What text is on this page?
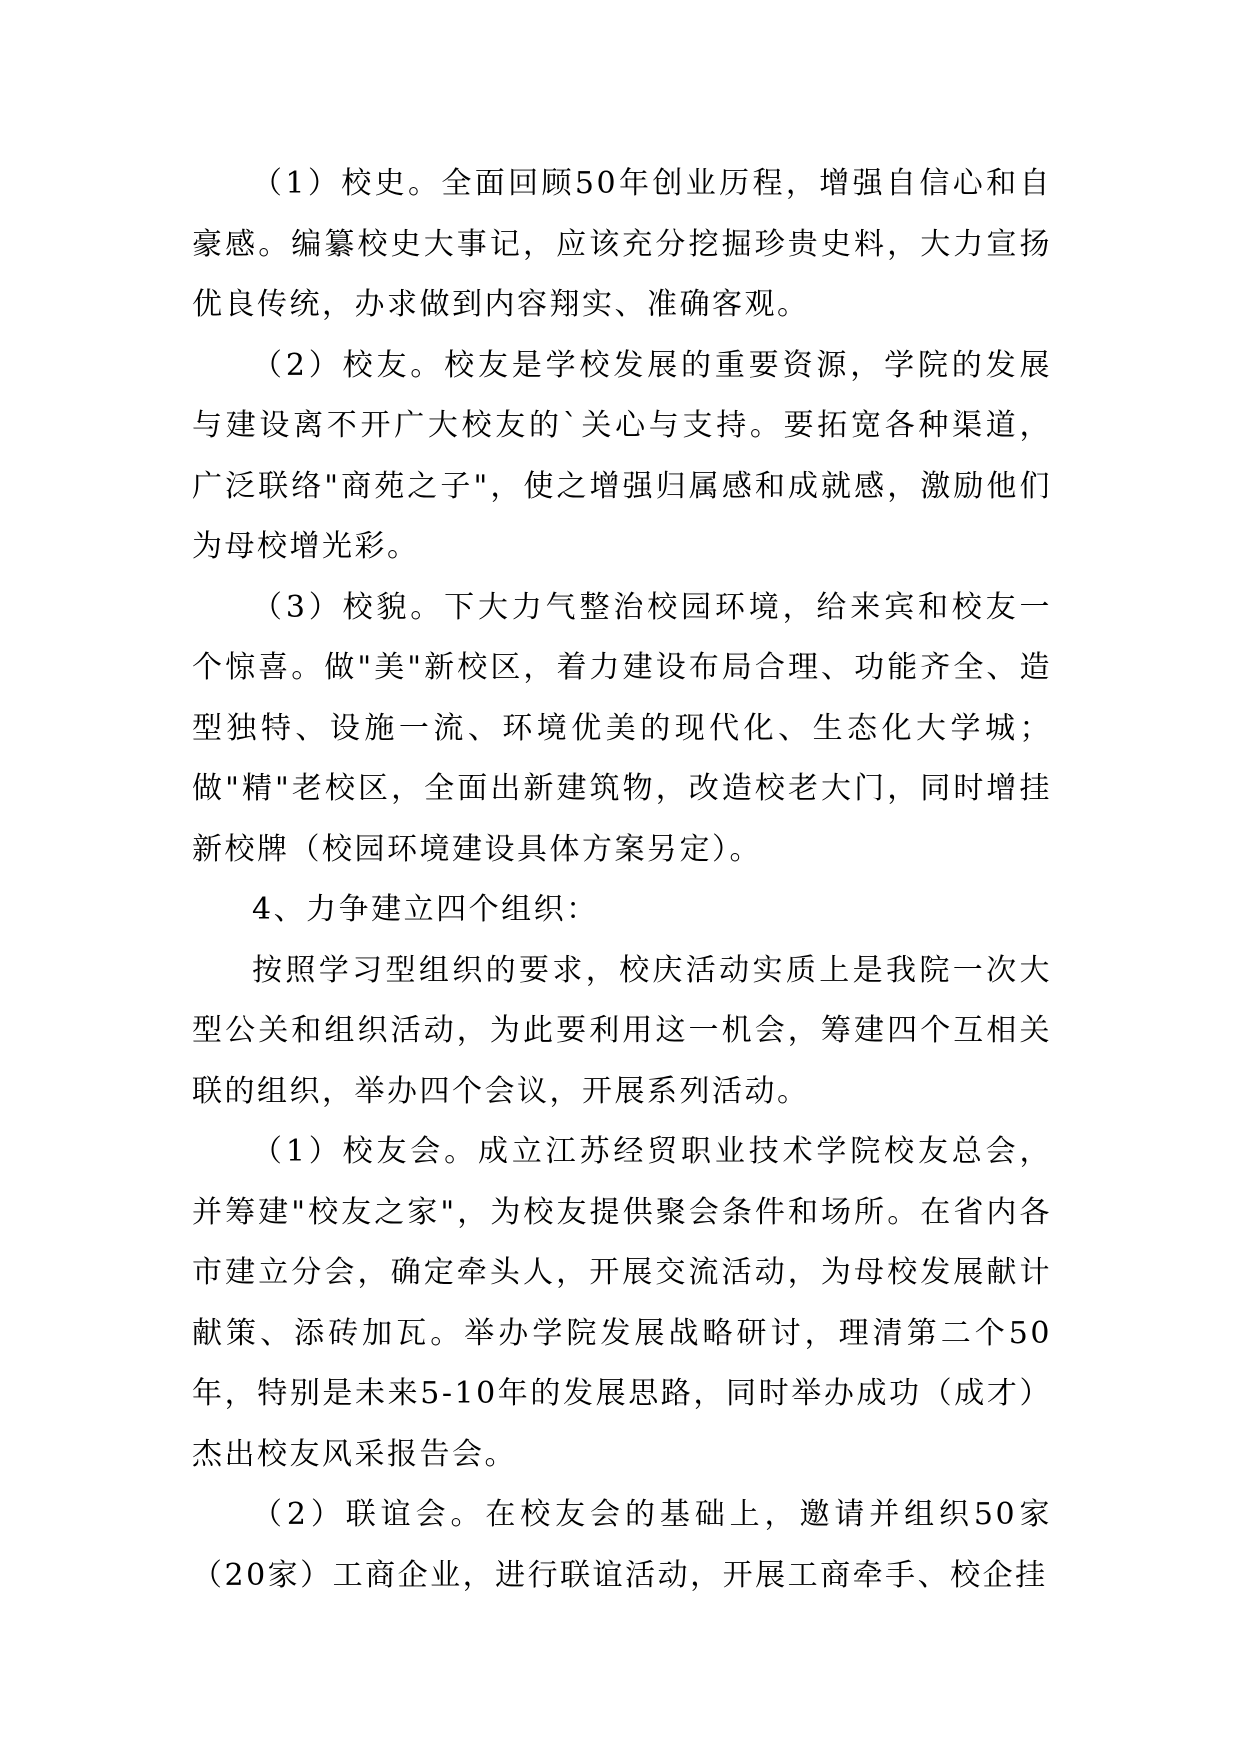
（1）校史。全面回顾50年创业历程，增强自信心和自豪感。编纂校史大事记，应该充分挖掘珍贵史料，大力宣扬优良传统，办求做到内容翔实、准确客观。

（2）校友。校友是学校发展的重要资源，学院的发展与建设离不开广大校友的`关心与支持。要拓宽各种渠道，广泛联络"商苑之子"，使之增强归属感和成就感，激励他们为母校增光彩。

（3）校貌。下大力气整治校园环境，给来宾和校友一个惊喜。做"美"新校区，着力建设布局合理、功能齐全、造型独特、设施一流、环境优美的现代化、生态化大学城；做"精"老校区，全面出新建筑物，改造校老大门，同时增挂新校牌（校园环境建设具体方案另定）。

4、力争建立四个组织：

按照学习型组织的要求，校庆活动实质上是我院一次大型公关和组织活动，为此要利用这一机会，筹建四个互相关联的组织，举办四个会议，开展系列活动。

（1）校友会。成立江苏经贸职业技术学院校友总会，并筹建"校友之家"，为校友提供聚会条件和场所。在省内各市建立分会，确定牵头人，开展交流活动，为母校发展献计献策、添砖加瓦。举办学院发展战略研讨，理清第二个50年，特别是未来5-10年的发展思路，同时举办成功（成才）杰出校友风采报告会。

（2）联谊会。在校友会的基础上，邀请并组织50家（20家）工商企业，进行联谊活动，开展工商牵手、校企挂
